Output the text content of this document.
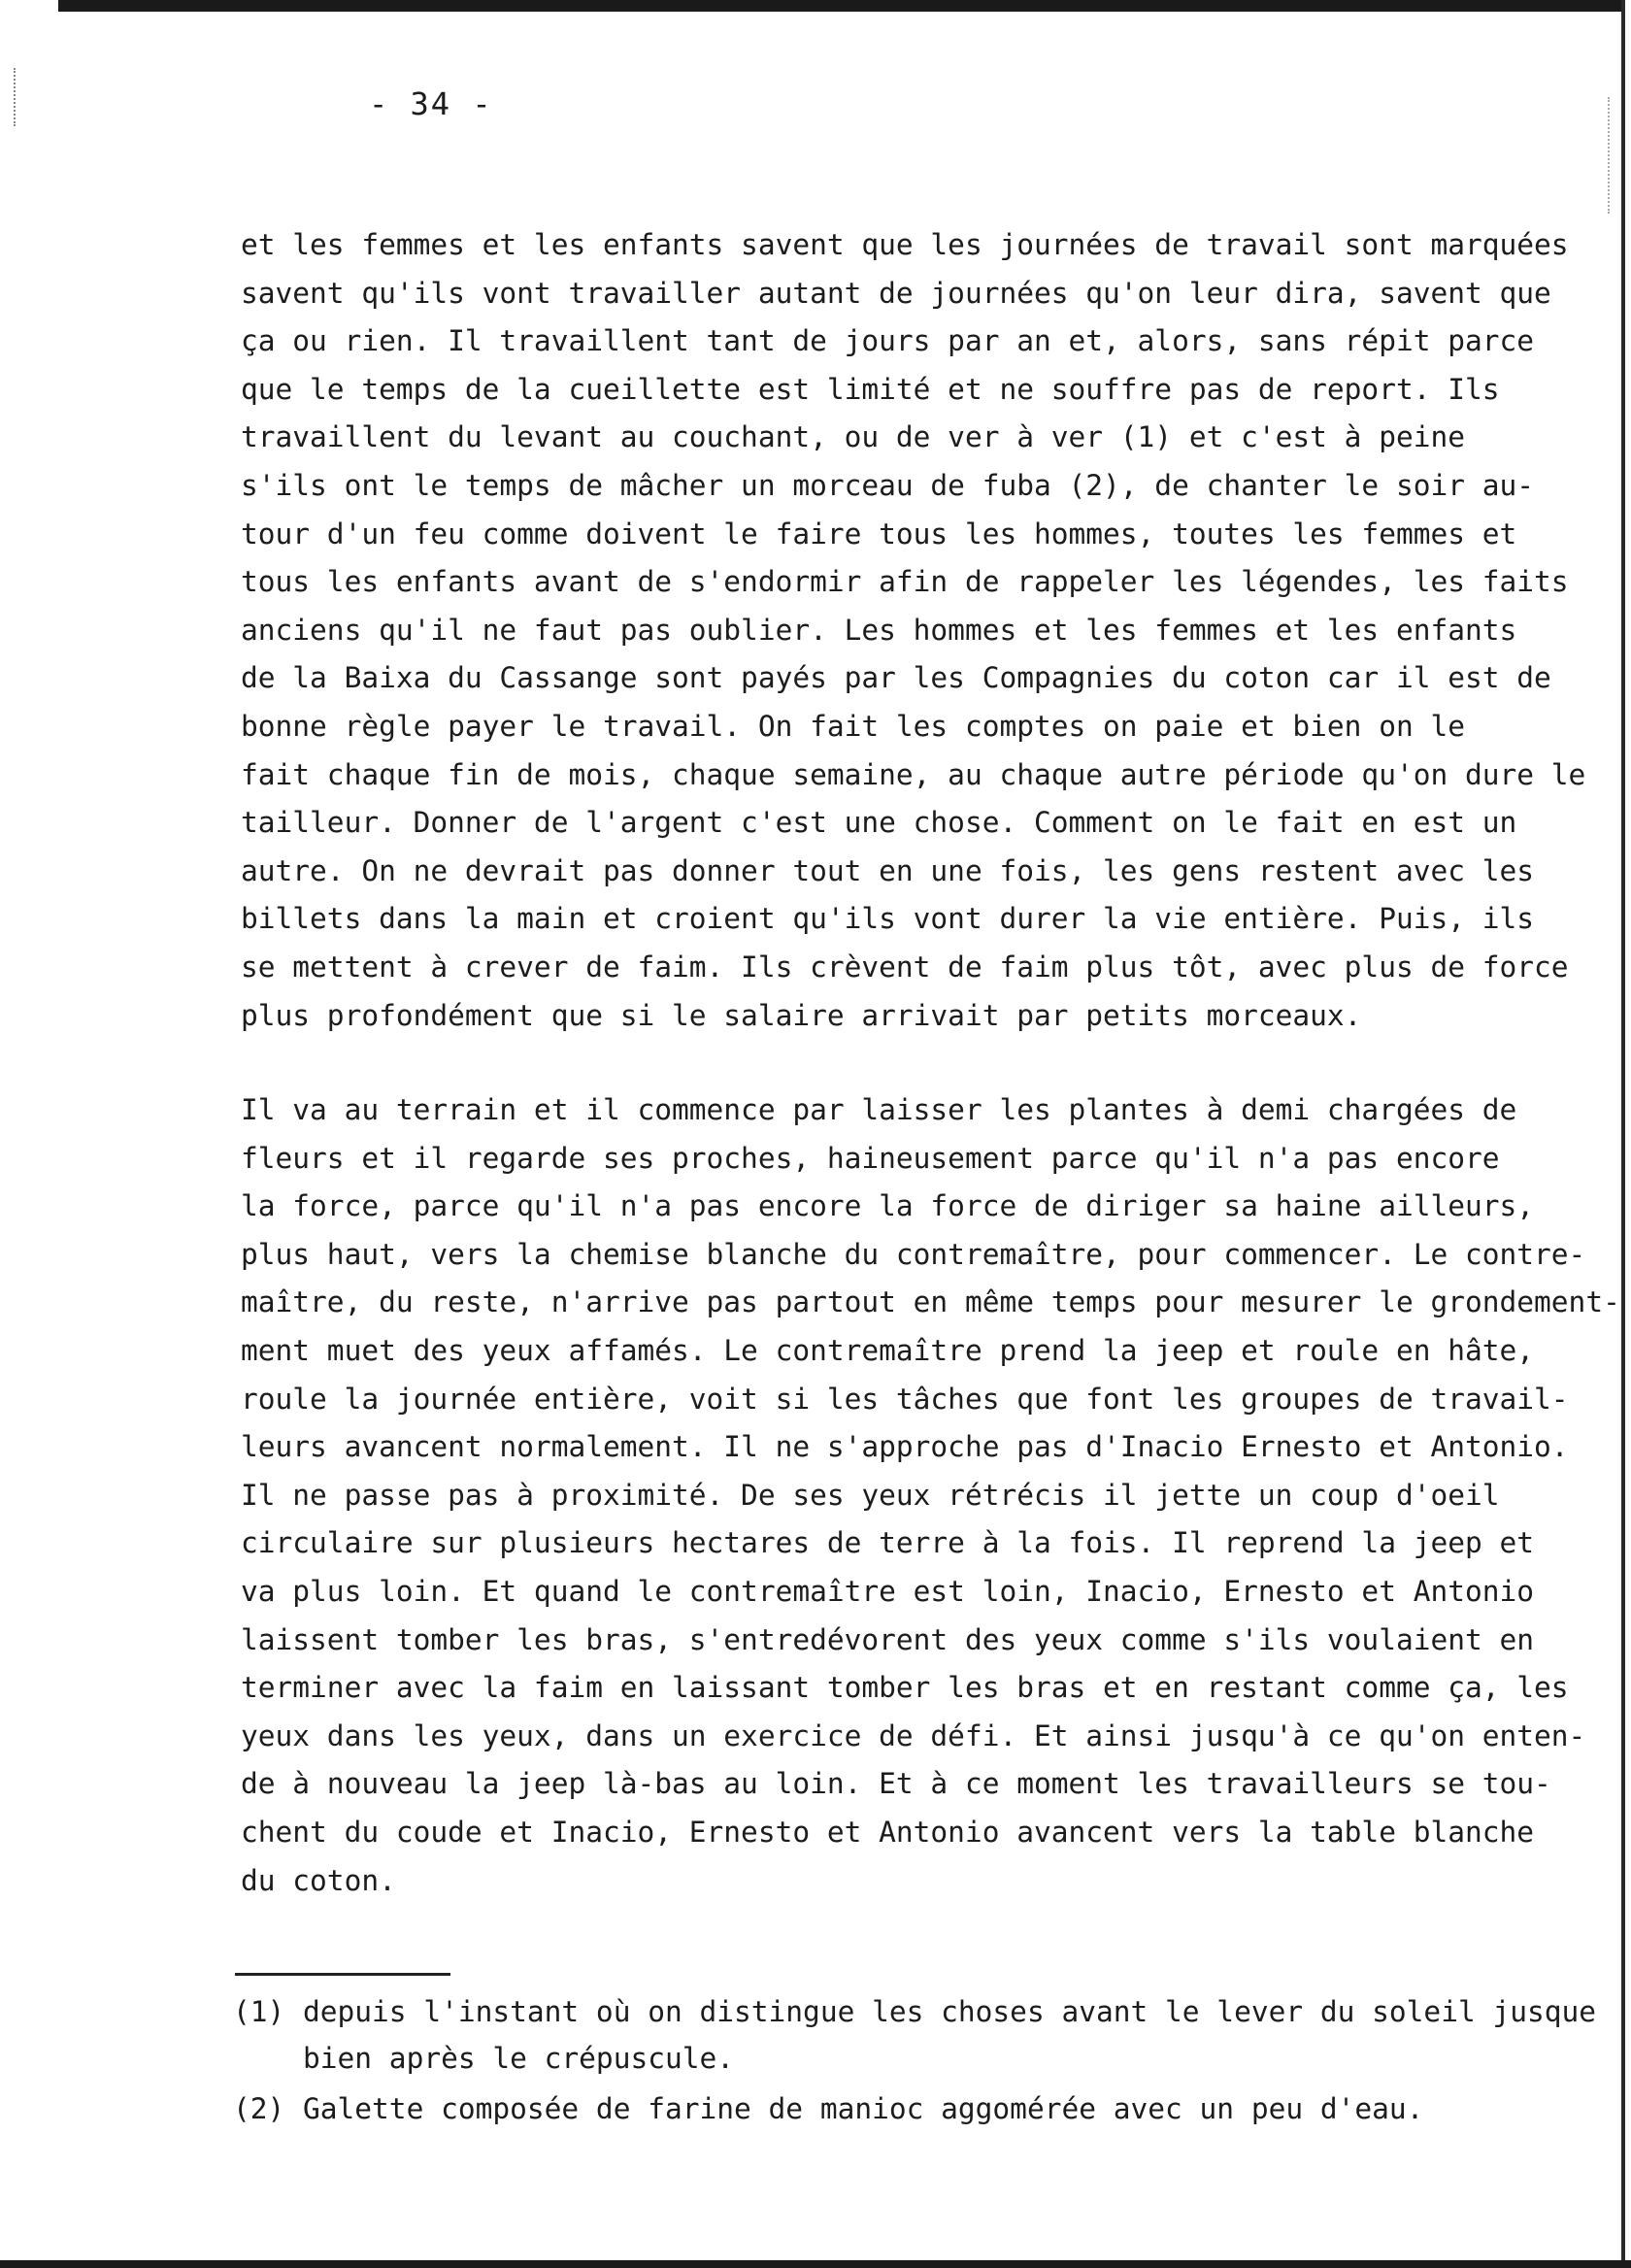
- 34 -
et les femmes et les enfants savent que les journées de travail sont marquées
savent qu'ils vont travailler autant de journées qu'on leur dira, savent que
ça ou rien. Il travaillent tant de jours par an et, alors, sans répit parce
que le temps de la cueillette est limité et ne souffre pas de report. Ils
travaillent du levant au couchant, ou de ver à ver (1) et c'est à peine
s'ils ont le temps de mâcher un morceau de fuba (2), de chanter le soir au-
tour d'un feu comme doivent le faire tous les hommes, toutes les femmes et
tous les enfants avant de s'endormir afin de rappeler les légendes, les faits
anciens qu'il ne faut pas oublier. Les hommes et les femmes et les enfants
de la Baixa du Cassange sont payés par les Compagnies du coton car il est de
bonne règle payer le travail. On fait les comptes on paie et bien on le
fait chaque fin de mois, chaque semaine, au chaque autre période qu'on dure le
tailleur. Donner de l'argent c'est une chose. Comment on le fait en est un
autre. On ne devrait pas donner tout en une fois, les gens restent avec les
billets dans la main et croient qu'ils vont durer la vie entière. Puis, ils
se mettent à crever de faim. Ils crèvent de faim plus tôt, avec plus de force
plus profondément que si le salaire arrivait par petits morceaux.
Il va au terrain et il commence par laisser les plantes à demi chargées de
fleurs et il regarde ses proches, haineusement parce qu'il n'a pas encore
la force, parce qu'il n'a pas encore la force de diriger sa haine ailleurs,
plus haut, vers la chemise blanche du contremaître, pour commencer. Le contre-
maître, du reste, n'arrive pas partout en même temps pour mesurer le grondement-
ment muet des yeux affamés. Le contremaître prend la jeep et roule en hâte,
roule la journée entière, voit si les tâches que font les groupes de travail-
leurs avancent normalement. Il ne s'approche pas d'Inacio Ernesto et Antonio.
Il ne passe pas à proximité. De ses yeux rétrécis il jette un coup d'oeil
circulaire sur plusieurs hectares de terre à la fois. Il reprend la jeep et
va plus loin. Et quand le contremaître est loin, Inacio, Ernesto et Antonio
laissent tomber les bras, s'entredévorent des yeux comme s'ils voulaient en
terminer avec la faim en laissant tomber les bras et en restant comme ça, les
yeux dans les yeux, dans un exercice de défi. Et ainsi jusqu'à ce qu'on enten-
de à nouveau la jeep là-bas au loin. Et à ce moment les travailleurs se tou-
chent du coude et Inacio, Ernesto et Antonio avancent vers la table blanche
du coton.
(1) depuis l'instant où on distingue les choses avant le lever du soleil jusque
bien après le crépuscule.
(2) Galette composée de farine de manioc aggomérée avec un peu d'eau.
